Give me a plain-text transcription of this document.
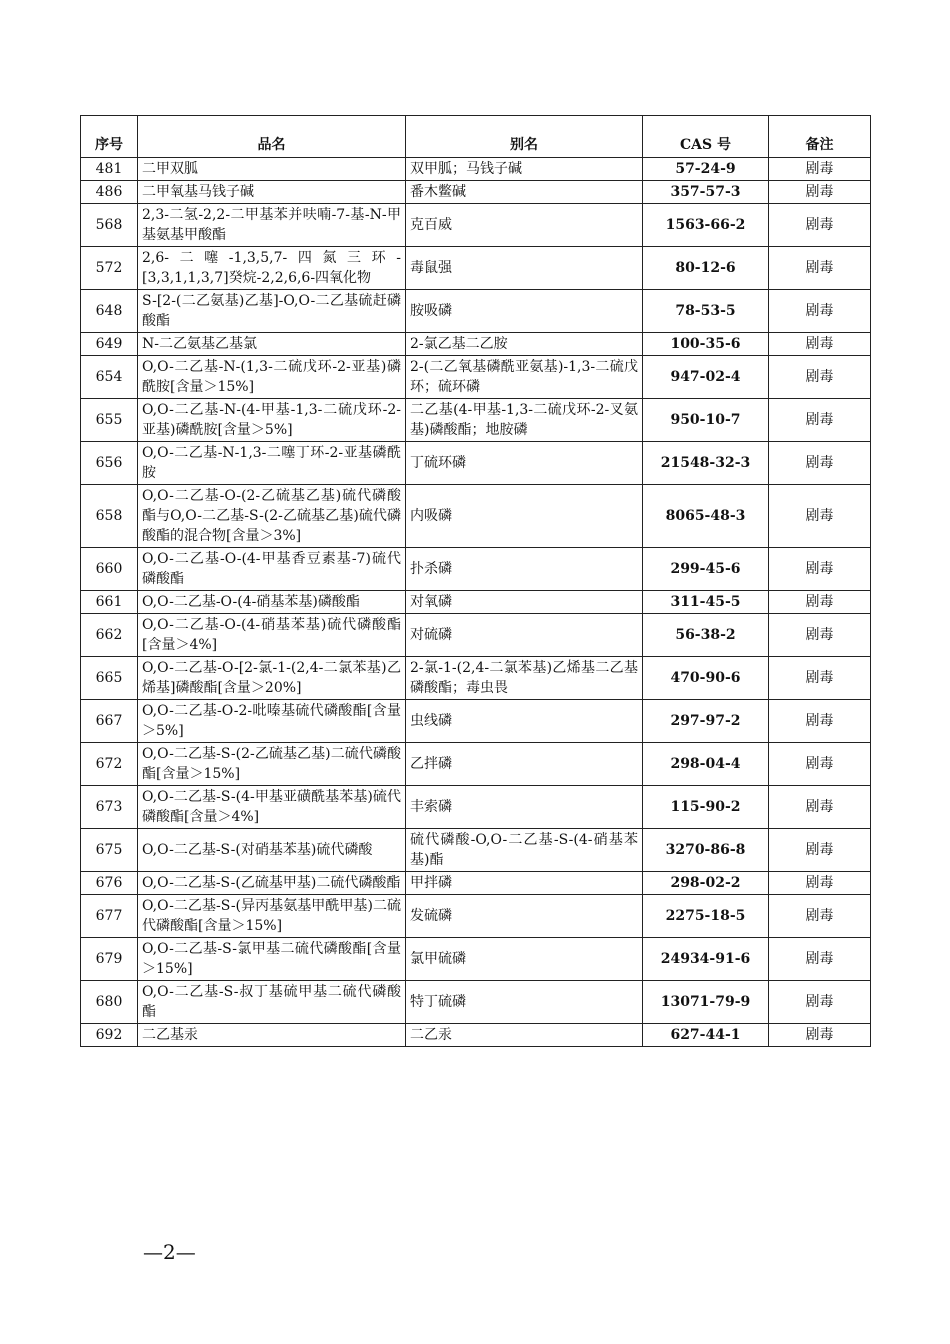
序号	品名	别名	CAS 号	备注
481	二甲双胍	双甲胍；马钱子碱	57-24-9	剧毒
486	二甲氧基马钱子碱	番木鳖碱	357-57-3	剧毒
568	2,3-二氢-2,2-二甲基苯并呋喃-7-基-N-甲基氨基甲酸酯	克百威	1563-66-2	剧毒
572	2,6-二噻-1,3,5,7-四氮三环-[3,3,1,1,3,7]癸烷-2,2,6,6-四氧化物	毒鼠强	80-12-6	剧毒
648	S-[2-(二乙氨基)乙基]-O,O-二乙基硫赶磷酸酯	胺吸磷	78-53-5	剧毒
649	N-二乙氨基乙基氯	2-氯乙基二乙胺	100-35-6	剧毒
654	O,O-二乙基-N-(1,3-二硫戊环-2-亚基)磷酰胺[含量＞15%]	2-(二乙氧基磷酰亚氨基)-1,3-二硫戊环；硫环磷	947-02-4	剧毒
655	O,O-二乙基-N-(4-甲基-1,3-二硫戊环-2-亚基)磷酰胺[含量＞5%]	二乙基(4-甲基-1,3-二硫戊环-2-叉氨基)磷酸酯；地胺磷	950-10-7	剧毒
656	O,O-二乙基-N-1,3-二噻丁环-2-亚基磷酰胺	丁硫环磷	21548-32-3	剧毒
658	O,O-二乙基-O-(2-乙硫基乙基)硫代磷酸酯与O,O-二乙基-S-(2-乙硫基乙基)硫代磷酸酯的混合物[含量＞3%]	内吸磷	8065-48-3	剧毒
660	O,O-二乙基-O-(4-甲基香豆素基-7)硫代磷酸酯	扑杀磷	299-45-6	剧毒
661	O,O-二乙基-O-(4-硝基苯基)磷酸酯	对氧磷	311-45-5	剧毒
662	O,O-二乙基-O-(4-硝基苯基)硫代磷酸酯[含量＞4%]	对硫磷	56-38-2	剧毒
665	O,O-二乙基-O-[2-氯-1-(2,4-二氯苯基)乙烯基]磷酸酯[含量＞20%]	2-氯-1-(2,4-二氯苯基)乙烯基二乙基磷酸酯；毒虫畏	470-90-6	剧毒
667	O,O-二乙基-O-2-吡嗪基硫代磷酸酯[含量＞5%]	虫线磷	297-97-2	剧毒
672	O,O-二乙基-S-(2-乙硫基乙基)二硫代磷酸酯[含量＞15%]	乙拌磷	298-04-4	剧毒
673	O,O-二乙基-S-(4-甲基亚磺酰基苯基)硫代磷酸酯[含量＞4%]	丰索磷	115-90-2	剧毒
675	O,O-二乙基-S-(对硝基苯基)硫代磷酸	硫代磷酸-O,O-二乙基-S-(4-硝基苯基)酯	3270-86-8	剧毒
676	O,O-二乙基-S-(乙硫基甲基)二硫代磷酸酯	甲拌磷	298-02-2	剧毒
677	O,O-二乙基-S-(异丙基氨基甲酰甲基)二硫代磷酸酯[含量＞15%]	发硫磷	2275-18-5	剧毒
679	O,O-二乙基-S-氯甲基二硫代磷酸酯[含量＞15%]	氯甲硫磷	24934-91-6	剧毒
680	O,O-二乙基-S-叔丁基硫甲基二硫代磷酸酯	特丁硫磷	13071-79-9	剧毒
692	二乙基汞	二乙汞	627-44-1	剧毒
—2—
